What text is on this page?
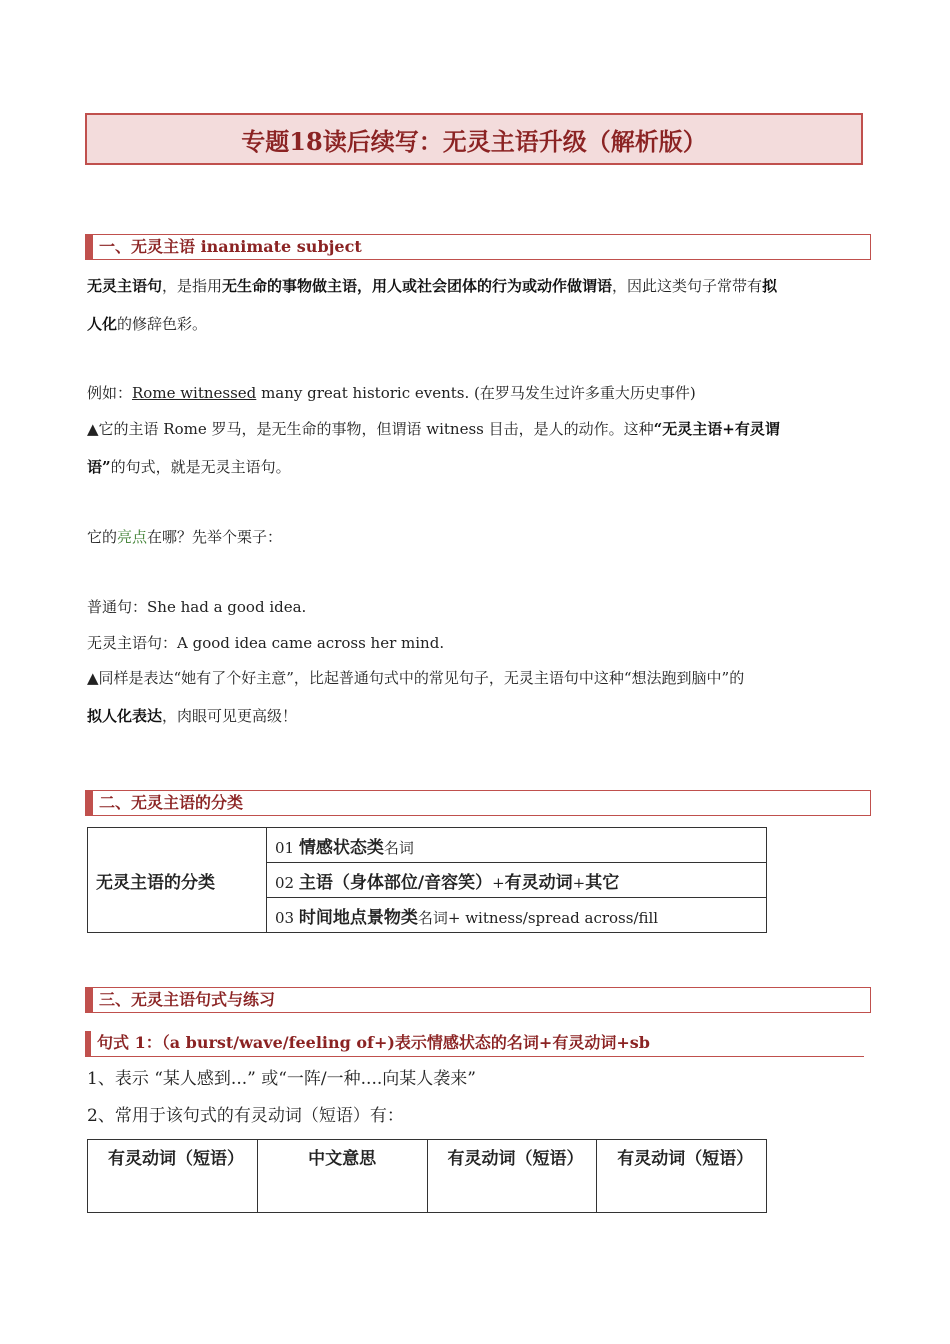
专题18读后续写：无灵主语升级（解析版）
一、无灵主语 inanimate subject
无灵主语句，是指用无生命的事物做主语，用人或社会团体的行为或动作做谓语，因此这类句子常带有拟
人化的修辞色彩。
例如：Rome witnessed many great historic events. (在罗马发生过许多重大历史事件)
▲它的主语 Rome 罗马，是无生命的事物，但谓语 witness 目击，是人的动作。这种“无灵主语+有灵谓
语”的句式，就是无灵主语句。
它的亮点在哪？先举个栗子：
普通句：She had a good idea.
无灵主语句：A good idea came across her mind.
▲同样是表达“她有了个好主意”，比起普通句式中的常见句子，无灵主语句中这种“想法跑到脑中”的
拟人化表达，肉眼可见更高级！
二、无灵主语的分类
无灵主语的分类	01 情感状态类名词
02 主语（身体部位/音容笑）+有灵动词+其它
03 时间地点景物类名词+ witness/spread across/fill
三、无灵主语句式与练习
句式 1：（a burst/wave/feeling of+)表示情感状态的名词+有灵动词+sb
1、表示 “某人感到...” 或“一阵/一种....向某人袭来”
2、常用于该句式的有灵动词（短语）有：
有灵动词（短语）	中文意思	有灵动词（短语）	有灵动词（短语）
